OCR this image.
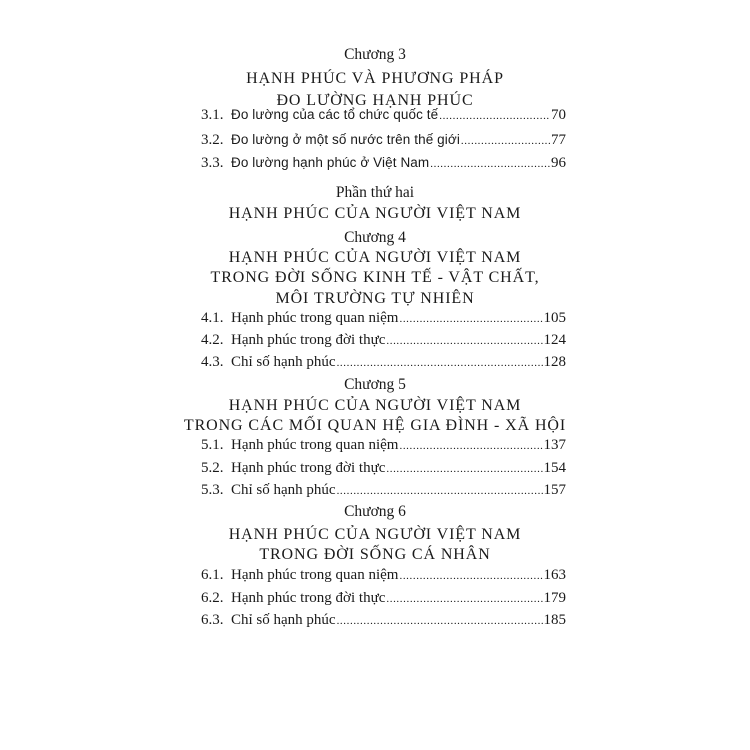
Chương 3
HẠNH PHÚC VÀ PHƯƠNG PHÁP
ĐO LƯỜNG HẠNH PHÚC
3.1. Đo lường của các tổ chức quốc tế .....	70
3.2. Đo lường ở một số nước trên thế giới .....	77
3.3. Đo lường hạnh phúc ở Việt Nam .....	96
Phần thứ hai
HẠNH PHÚC CỦA NGƯỜI VIỆT NAM
Chương 4
HẠNH PHÚC CỦA NGƯỜI VIỆT NAM
TRONG ĐỜI SỐNG KINH TẾ - VẬT CHẤT,
MÔI TRƯỜNG TỰ NHIÊN
4.1. Hạnh phúc trong quan niệm .....	105
4.2. Hạnh phúc trong đời thực .....	124
4.3. Chỉ số hạnh phúc .....	128
Chương 5
HẠNH PHÚC CỦA NGƯỜI VIỆT NAM
TRONG CÁC MỐI QUAN HỆ GIA ĐÌNH - XÃ HỘI
5.1. Hạnh phúc trong quan niệm .....	137
5.2. Hạnh phúc trong đời thực .....	154
5.3. Chỉ số hạnh phúc .....	157
Chương 6
HẠNH PHÚC CỦA NGƯỜI VIỆT NAM
TRONG ĐỜI SỐNG CÁ NHÂN
6.1. Hạnh phúc trong quan niệm .....	163
6.2. Hạnh phúc trong đời thực .....	179
6.3. Chỉ số hạnh phúc .....	185
